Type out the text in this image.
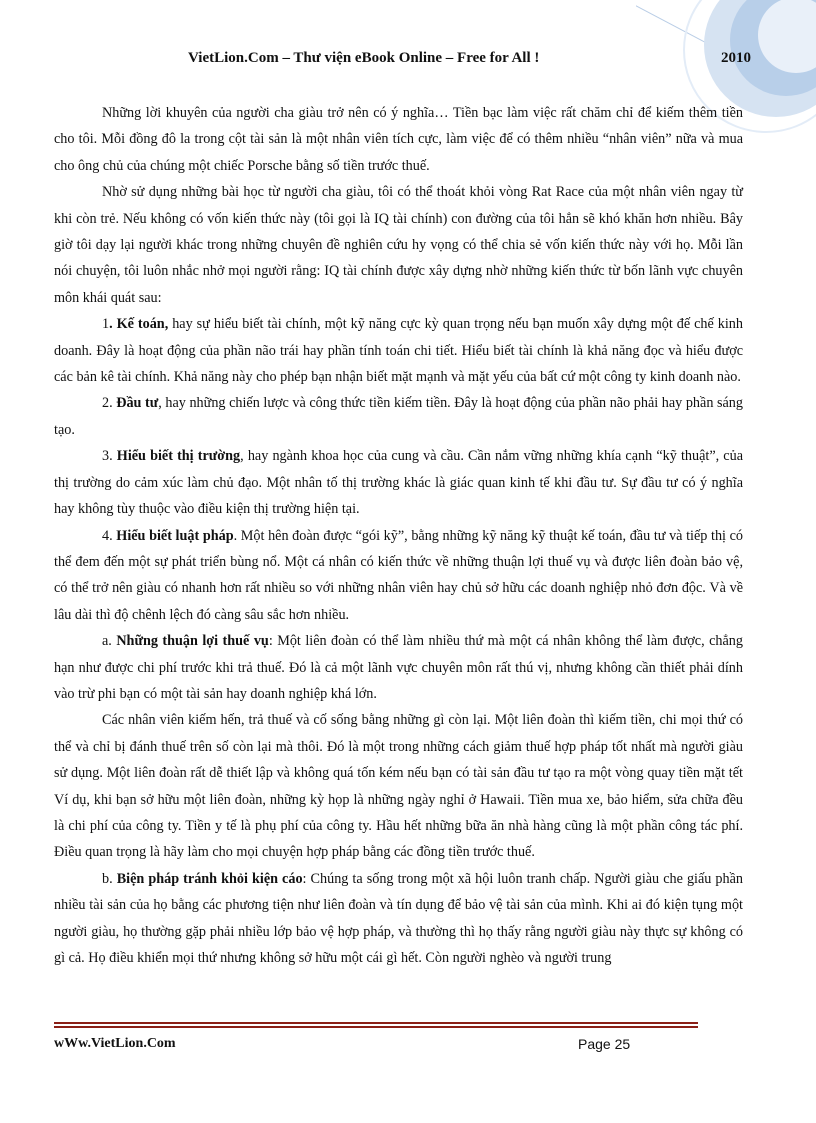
VietLion.Com – Thư viện eBook Online – Free for All !	2010

Những lời khuyên của người cha giàu trở nên có ý nghĩa… Tiền bạc làm việc rất chăm chỉ để kiếm thêm tiền cho tôi. Mỗi đồng đô la trong cột tài sản là một nhân viên tích cực, làm việc để có thêm nhiều “nhân viên” nữa và mua cho ông chủ của chúng một chiếc Porsche bằng số tiền trước thuế.

Nhờ sử dụng những bài học từ người cha giàu, tôi có thể thoát khỏi vòng Rat Race của một nhân viên ngay từ khi còn trẻ. Nếu không có vốn kiến thức này (tôi gọi là IQ tài chính) con đường của tôi hẳn sẽ khó khăn hơn nhiều. Bây giờ tôi dạy lại người khác trong những chuyên đề nghiên cứu hy vọng có thể chia sẻ vốn kiến thức này với họ. Mỗi lần nói chuyện, tôi luôn nhắc nhở mọi người rằng: IQ tài chính được xây dựng nhờ những kiến thức từ bốn lãnh vực chuyên môn khái quát sau:

1. Kế toán, hay sự hiểu biết tài chính, một kỹ năng cực kỳ quan trọng nếu bạn muốn xây dựng một đế chế kinh doanh. Đây là hoạt động của phần não trái hay phần tính toán chi tiết. Hiểu biết tài chính là khả năng đọc và hiểu được các bản kê tài chính. Khả năng này cho phép bạn nhận biết mặt mạnh và mặt yếu của bất cứ một công ty kinh doanh nào.

2. Đầu tư, hay những chiến lược và công thức tiền kiếm tiền. Đây là hoạt động của phần não phải hay phần sáng tạo.

3. Hiểu biết thị trường, hay ngành khoa học của cung và cầu. Cần nắm vững những khía cạnh “kỹ thuật”, của thị trường do cảm xúc làm chủ đạo. Một nhân tố thị trường khác là giác quan kinh tế khi đầu tư. Sự đầu tư có ý nghĩa hay không tùy thuộc vào điều kiện thị trường hiện tại.

4. Hiểu biết luật pháp. Một hên đoàn được “gói kỹ”, bằng những kỹ năng kỹ thuật kế toán, đầu tư và tiếp thị có thể đem đến một sự phát triển bùng nổ. Một cá nhân có kiến thức về những thuận lợi thuế vụ và được liên đoàn bảo vệ, có thể trở nên giàu có nhanh hơn rất nhiều so với những nhân viên hay chủ sở hữu các doanh nghiệp nhỏ đơn độc. Và về lâu dài thì độ chênh lệch đó càng sâu sắc hơn nhiều.

a. Những thuận lợi thuế vụ: Một liên đoàn có thể làm nhiều thứ mà một cá nhân không thể làm được, chẳng hạn như được chi phí trước khi trả thuế. Đó là cả một lãnh vực chuyên môn rất thú vị, nhưng không cần thiết phải dính vào trừ phi bạn có một tài sản hay doanh nghiệp khá lớn.

Các nhân viên kiếm hến, trả thuế và cố sống bằng những gì còn lại. Một liên đoàn thì kiếm tiền, chi mọi thứ có thể và chỉ bị đánh thuế trên số còn lại mà thôi. Đó là một trong những cách giảm thuế hợp pháp tốt nhất mà người giàu sử dụng. Một liên đoàn rất dễ thiết lập và không quá tốn kém nếu bạn có tài sản đầu tư tạo ra một vòng quay tiền mặt tết Ví dụ, khi bạn sở hữu một liên đoàn, những kỳ họp là những ngày nghỉ ở Hawaii. Tiền mua xe, bảo hiểm, sửa chữa đều là chi phí của công ty. Tiền y tế là phụ phí của công ty. Hầu hết những bữa ăn nhà hàng cũng là một phần công tác phí. Điều quan trọng là hãy làm cho mọi chuyện hợp pháp bằng các đồng tiền trước thuế.

b. Biện pháp tránh khỏi kiện cáo: Chúng ta sống trong một xã hội luôn tranh chấp. Người giàu che giấu phần nhiều tài sản của họ bằng các phương tiện như liên đoàn và tín dụng để bảo vệ tài sản của mình. Khi ai đó kiện tụng một người giàu, họ thường gặp phải nhiều lớp bảo vệ hợp pháp, và thường thì họ thấy rằng người giàu này thực sự không có gì cả. Họ điều khiển mọi thứ nhưng không sở hữu một cái gì hết. Còn người nghèo và người trung

wWw.VietLion.Com	Page 25
